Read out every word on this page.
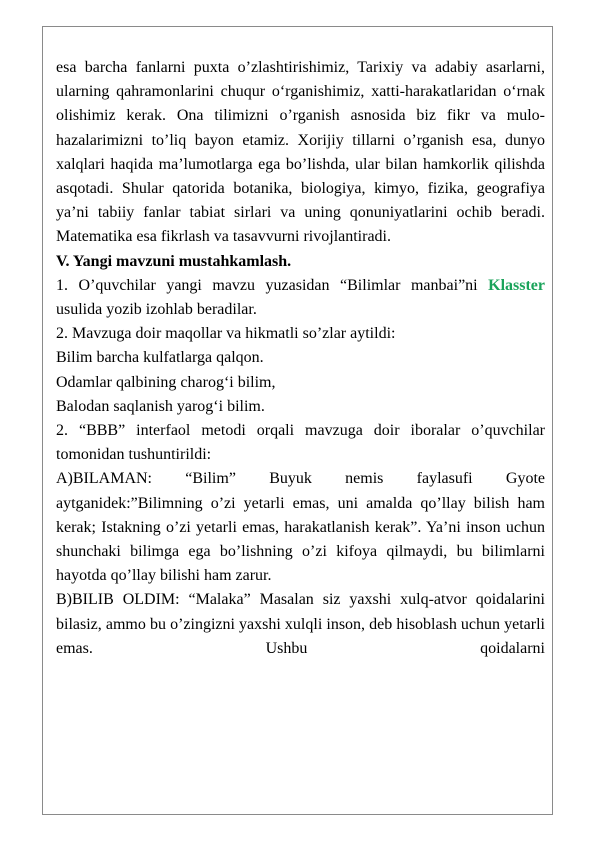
esa barcha fanlarni puxta o’zlashtirishimiz, Tarixiy va adabiy asarlarni, ularning qahramonlarini chuqur o‘rganishimiz, xatti-harakatlaridan o‘rnak olishimiz kerak. Ona tilimizni o’rganish asnosida biz fikr va mulo-hazalarimizni to’liq bayon etamiz. Xorijiy tillarni o’rganish esa, dunyo xalqlari haqida ma’lumotlarga ega bo’lishda, ular bilan hamkorlik qilishda asqotadi. Shular qatorida botanika, biologiya, kimyo, fizika, geografiya ya’ni tabiiy fanlar tabiat sirlari va uning qonuniyatlarini ochib beradi. Matematika esa fikrlash va tasavvurni rivojlantiradi.

V. Yangi mavzuni mustahkamlash.

1. O’quvchilar yangi mavzu yuzasidan “Bilimlar manbai”ni Klasster usulida yozib izohlab beradilar.

2. Mavzuga doir maqollar va hikmatli so’zlar aytildi:

Bilim barcha kulfatlarga qalqon.

Odamlar qalbining charog‘i bilim,

Balodan saqlanish yarog‘i bilim.

2. “BBB” interfaol metodi orqali mavzuga doir iboralar o’quvchilar tomonidan tushuntirildi:

A)BILAMAN: “Bilim” Buyuk nemis faylasufi Gyote aytganidek:”Bilimning o’zi yetarli emas, uni amalda qo’llay bilish ham kerak; Istakning o’zi yetarli emas, harakatlanish kerak”. Ya’ni inson uchun shunchaki bilimga ega bo’lishning o’zi kifoya qilmaydi, bu bilimlarni hayotda qo’llay bilishi ham zarur.

B)BILIB OLDIM: “Malaka” Masalan siz yaxshi xulq-atvor qoidalarini bilasiz, ammo bu o’zingizni yaxshi xulqli inson, deb hisoblash uchun yetarli emas. Ushbu qoidalarni
